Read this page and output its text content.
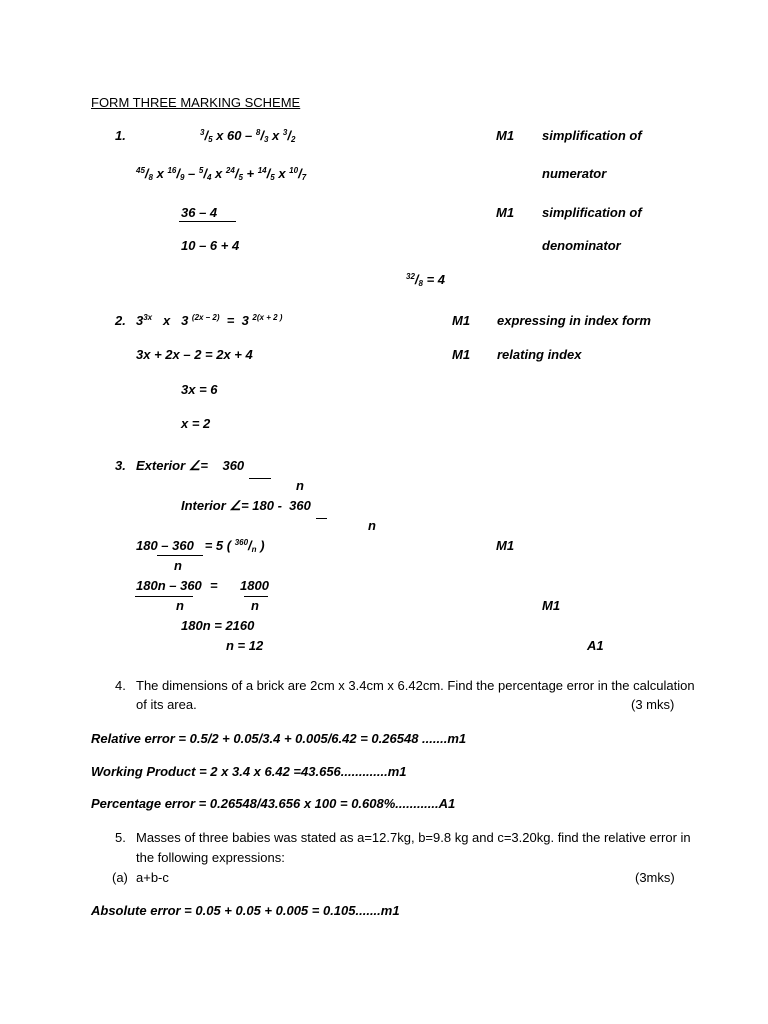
FORM THREE MARKING SCHEME
1.	$^3/_5$ x $60 - ^8/_3$ x $^3/_2$	M1 simplification of
$^{45}/_8$ x $^{16}/_9 - ^5/_4$ x $^{24}/_5 + ^{14}/_5$ x $^{10}/_7$	numerator
36 – 4	M1 simplification of
10 – 6 + 4	denominator
$^{32}/_8 = 4$
2. $3^{3x}$ x 3 $^{(2x - 2)}$ = 3 $^{2(x + 2 )}$	M1 expressing in index form
3x + 2x – 2 = 2x + 4	M1 relating index
3x = 6
x = 2
3. Exterior ∠= 360
n
Interior ∠= 180 - 360
n
180 – 360 = 5 ( $^{360}/_n$ )	M1
n
180n – 360 = 1800
n	n	M1
180n = 2160
n = 12	A1
4. The dimensions of a brick are 2cm x 3.4cm x 6.42cm. Find the percentage error in the calculation
of its area.	(3 mks)
Relative error = 0.5/2 + 0.05/3.4 + 0.005/6.42 = 0.26548 .......m1
Working Product = 2 x 3.4 x 6.42 =43.656.............m1
Percentage error = 0.26548/43.656 x 100 = 0.608%............A1
5. Masses of three babies was stated as a=12.7kg, b=9.8 kg and c=3.20kg. find the relative error in
the following expressions:
(a) a+b-c	(3mks)
Absolute error = 0.05 + 0.05 + 0.005 = 0.105.......m1
